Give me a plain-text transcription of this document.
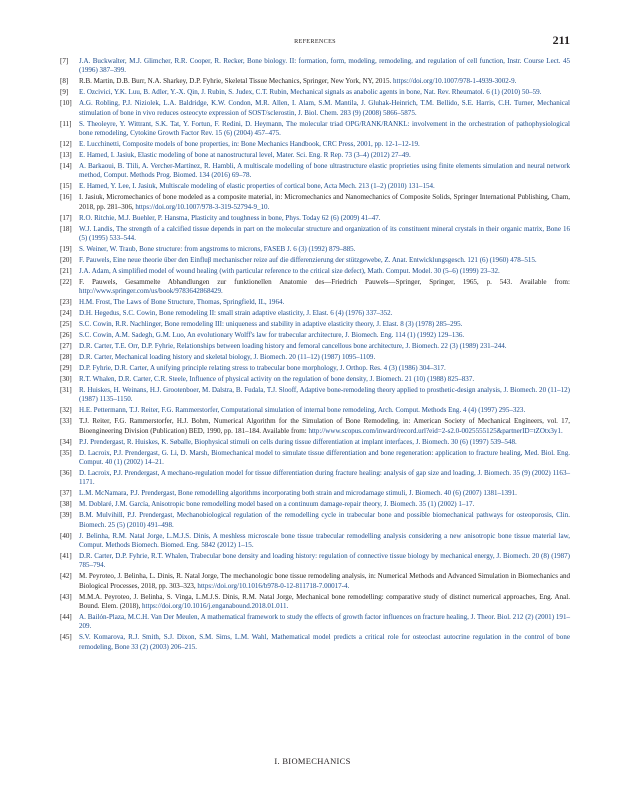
REFERENCES	211
[7] J.A. Buckwalter, M.J. Glimcher, R.R. Cooper, R. Recker, Bone biology. II: formation, form, modeling, remodeling, and regulation of cell function, Instr. Course Lect. 45 (1996) 387–399.
[8] R.B. Martin, D.B. Burr, N.A. Sharkey, D.P. Fyhrie, Skeletal Tissue Mechanics, Springer, New York, NY, 2015. https://doi.org/10.1007/978-1-4939-3002-9.
[9] E. Ozcivici, Y.K. Luu, B. Adler, Y.-X. Qin, J. Rubin, S. Judex, C.T. Rubin, Mechanical signals as anabolic agents in bone, Nat. Rev. Rheumatol. 6 (1) (2010) 50–59.
[10] A.G. Robling, P.J. Niziolek, L.A. Baldridge, K.W. Condon, M.R. Allen, I. Alam, S.M. Mantila, J. Gluhak-Heinrich, T.M. Bellido, S.E. Harris, C.H. Turner, Mechanical stimulation of bone in vivo reduces osteocyte expression of SOST/sclerostin, J. Biol. Chem. 283 (9) (2008) 5866–5875.
[11] S. Theoleyre, Y. Wittrant, S.K. Tat, Y. Fortun, F. Redini, D. Heymann, The molecular triad OPG/RANK/RANKL: involvement in the orchestration of pathophysiological bone remodeling, Cytokine Growth Factor Rev. 15 (6) (2004) 457–475.
[12] E. Lucchinetti, Composite models of bone properties, in: Bone Mechanics Handbook, CRC Press, 2001, pp. 12-1–12-19.
[13] E. Hamed, I. Jasiuk, Elastic modeling of bone at nanostructural level, Mater. Sci. Eng. R Rep. 73 (3–4) (2012) 27–49.
[14] A. Barkaoui, B. Tlili, A. Vercher-Martínez, R. Hambli, A multiscale modelling of bone ultrastructure elastic proprieties using finite elements simulation and neural network method, Comput. Methods Prog. Biomed. 134 (2016) 69–78.
[15] E. Hamed, Y. Lee, I. Jasiuk, Multiscale modeling of elastic properties of cortical bone, Acta Mech. 213 (1–2) (2010) 131–154.
[16] I. Jasiuk, Micromechanics of bone modeled as a composite material, in: Micromechanics and Nanomechanics of Composite Solids, Springer International Publishing, Cham, 2018, pp. 281–306, https://doi.org/10.1007/978-3-319-52794-9_10.
[17] R.O. Ritchie, M.J. Buehler, P. Hansma, Plasticity and toughness in bone, Phys. Today 62 (6) (2009) 41–47.
[18] W.J. Landis, The strength of a calcified tissue depends in part on the molecular structure and organization of its constituent mineral crystals in their organic matrix, Bone 16 (5) (1995) 533–544.
[19] S. Weiner, W. Traub, Bone structure: from angstroms to microns, FASEB J. 6 (3) (1992) 879–885.
[20] F. Pauwels, Eine neue theorie über den Einfluβ mechanischer reize auf die differenzierung der stützgewebe, Z. Anat. Entwicklungsgesch. 121 (6) (1960) 478–515.
[21] J.A. Adam, A simplified model of wound healing (with particular reference to the critical size defect), Math. Comput. Model. 30 (5–6) (1999) 23–32.
[22] F. Pauwels, Gesammelte Abhandlungen zur funktionellen Anatomie des—Friedrich Pauwels—Springer, Springer, 1965, p. 543. Available from: http://www.springer.com/us/book/9783642868429.
[23] H.M. Frost, The Laws of Bone Structure, Thomas, Springfield, IL, 1964.
[24] D.H. Hegedus, S.C. Cowin, Bone remodeling II: small strain adaptive elasticity, J. Elast. 6 (4) (1976) 337–352.
[25] S.C. Cowin, R.R. Nachlinger, Bone remodeling III: uniqueness and stability in adaptive elasticity theory, J. Elast. 8 (3) (1978) 285–295.
[26] S.C. Cowin, A.M. Sadegh, G.M. Luo, An evolutionary Wolff's law for trabecular architecture, J. Biomech. Eng. 114 (1) (1992) 129–136.
[27] D.R. Carter, T.E. Orr, D.P. Fyhrie, Relationships between loading history and femoral cancellous bone architecture, J. Biomech. 22 (3) (1989) 231–244.
[28] D.R. Carter, Mechanical loading history and skeletal biology, J. Biomech. 20 (11–12) (1987) 1095–1109.
[29] D.P. Fyhrie, D.R. Carter, A unifying principle relating stress to trabecular bone morphology, J. Orthop. Res. 4 (3) (1986) 304–317.
[30] R.T. Whalen, D.R. Carter, C.R. Steele, Influence of physical activity on the regulation of bone density, J. Biomech. 21 (10) (1988) 825–837.
[31] R. Huiskes, H. Weinans, H.J. Grootenboer, M. Dalstra, B. Fudala, T.J. Slooff, Adaptive bone-remodeling theory applied to prosthetic-design analysis, J. Biomech. 20 (11–12) (1987) 1135–1150.
[32] H.E. Pettermann, T.J. Reiter, F.G. Rammerstorfer, Computational simulation of internal bone remodeling, Arch. Comput. Methods Eng. 4 (4) (1997) 295–323.
[33] T.J. Reiter, F.G. Rammerstorfer, H.J. Bohm, Numerical Algorithm for the Simulation of Bone Remodeling, in: American Society of Mechanical Engineers, vol. 17, Bioengineering Division (Publication) BED, 1990, pp. 181–184. Available from: http://www.scopus.com/inward/record.url?eid=2-s2.0-0025555125&partnerID=tZOtx3y1.
[34] P.J. Prendergast, R. Huiskes, K. Søballe, Biophysical stimuli on cells during tissue differentiation at implant interfaces, J. Biomech. 30 (6) (1997) 539–548.
[35] D. Lacroix, P.J. Prendergast, G. Li, D. Marsh, Biomechanical model to simulate tissue differentiation and bone regeneration: application to fracture healing, Med. Biol. Eng. Comput. 40 (1) (2002) 14–21.
[36] D. Lacroix, P.J. Prendergast, A mechano-regulation model for tissue differentiation during fracture healing: analysis of gap size and loading, J. Biomech. 35 (9) (2002) 1163–1171.
[37] L.M. McNamara, P.J. Prendergast, Bone remodelling algorithms incorporating both strain and microdamage stimuli, J. Biomech. 40 (6) (2007) 1381–1391.
[38] M. Doblaré, J.M. García, Anisotropic bone remodelling model based on a continuum damage-repair theory, J. Biomech. 35 (1) (2002) 1–17.
[39] B.M. Mulvihill, P.J. Prendergast, Mechanobiological regulation of the remodelling cycle in trabecular bone and possible biomechanical pathways for osteoporosis, Clin. Biomech. 25 (5) (2010) 491–498.
[40] J. Belinha, R.M. Natal Jorge, L.M.J.S. Dinis, A meshless microscale bone tissue trabecular remodelling analysis considering a new anisotropic bone tissue material law, Comput. Methods Biomech. Biomed. Eng. 5842 (2012) 1–15.
[41] D.R. Carter, D.P. Fyhrie, R.T. Whalen, Trabecular bone density and loading history: regulation of connective tissue biology by mechanical energy, J. Biomech. 20 (8) (1987) 785–794.
[42] M. Peyroteo, J. Belinha, L. Dinis, R. Natal Jorge, The mechanologic bone tissue remodeling analysis, in: Numerical Methods and Advanced Simulation in Biomechanics and Biological Processes, 2018, pp. 303–323, https://doi.org/10.1016/b978-0-12-811718-7.00017-4.
[43] M.M.A. Peyroteo, J. Belinha, S. Vinga, L.M.J.S. Dinis, R.M. Natal Jorge, Mechanical bone remodelling: comparative study of distinct numerical approaches, Eng. Anal. Bound. Elem. (2018), https://doi.org/10.1016/j.enganabound.2018.01.011.
[44] A. Bailón-Plaza, M.C.H. Van Der Meulen, A mathematical framework to study the effects of growth factor influences on fracture healing, J. Theor. Biol. 212 (2) (2001) 191–209.
[45] S.V. Komarova, R.J. Smith, S.J. Dixon, S.M. Sims, L.M. Wahl, Mathematical model predicts a critical role for osteoclast autocrine regulation in the control of bone remodeling, Bone 33 (2) (2003) 206–215.
I. BIOMECHANICS
